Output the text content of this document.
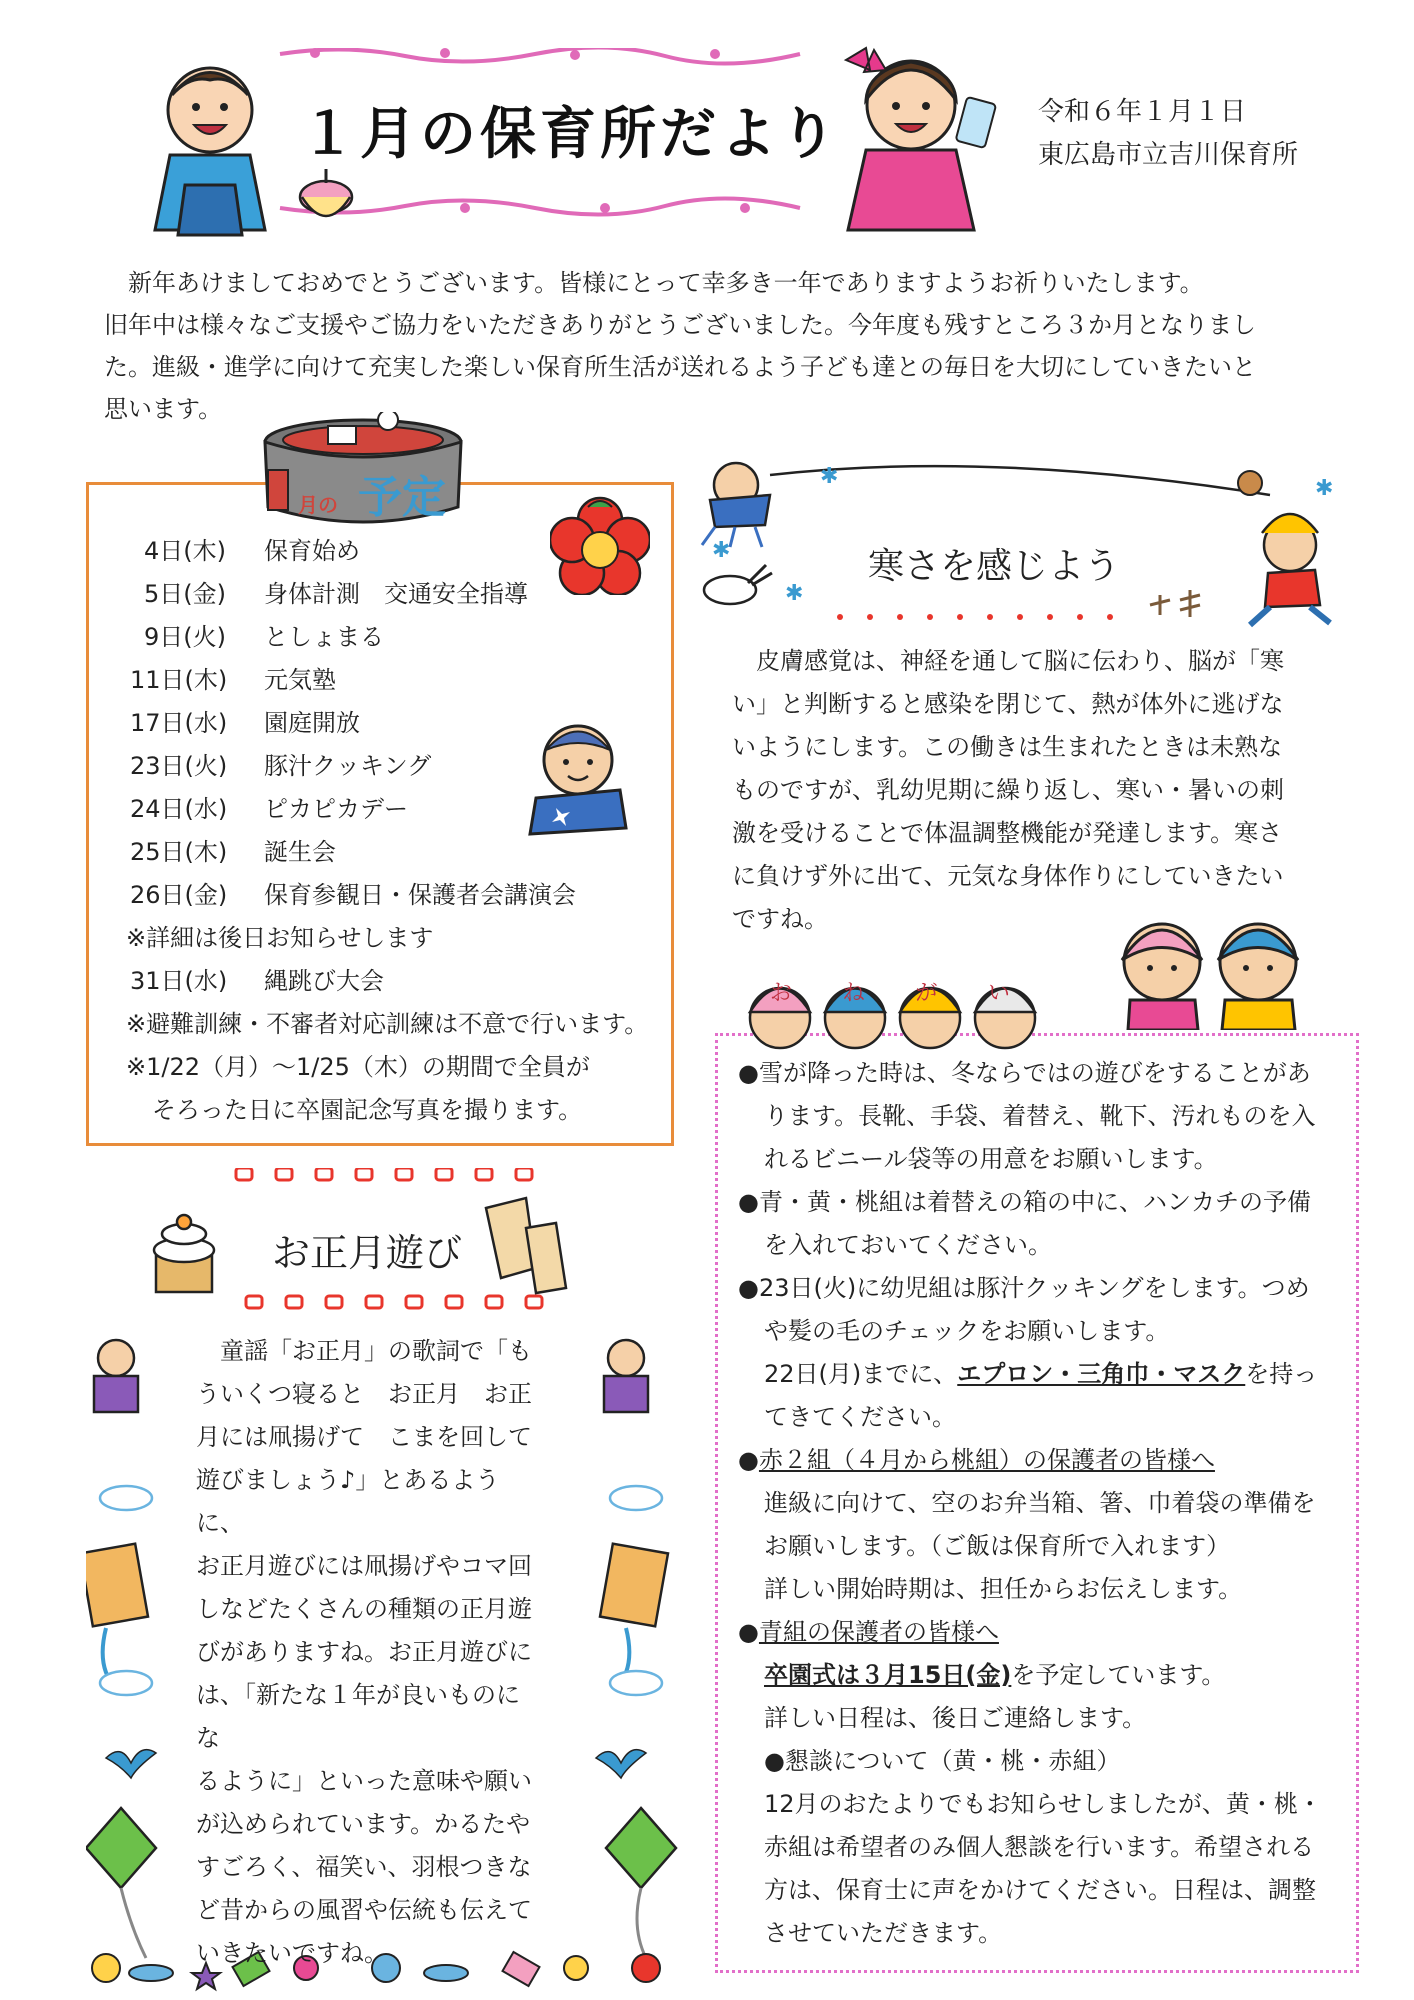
１月の保育所だより	令和６年１月１日
東広島市立吉川保育所

新年あけましておめでとうございます。皆様にとって幸多き一年でありますようお祈りいたします。

旧年中は様々なご支援やご協力をいただきありがとうございました。今年度も残すところ３か月となりまし

た。進級・進学に向けて充実した楽しい保育所生活が送れるよう子ども達との毎日を大切にしていきたいと

思います。

月の 予定
4日(木)	保育始め
5日(金)	身体計測　交通安全指導
9日(火)	としょまる
11日(木)	元気塾
17日(水)	園庭開放
23日(火)	豚汁クッキング
24日(水)	ピカピカデー
25日(木)	誕生会
26日(金)	保育参観日・保護者会講演会
※詳細は後日お知らせします
31日(水)	縄跳び大会
※避難訓練・不審者対応訓練は不意で行います。
※1/22（月）～1/25（木）の期間で全員が
そろった日に卒園記念写真を撮ります。
✱
✱
✱
✱
寒さを感じよう

皮膚感覚は、神経を通して脳に伝わり、脳が「寒

い」と判断すると感染を閉じて、熱が体外に逃げな

いようにします。この働きは生まれたときは未熟な

ものですが、乳幼児期に繰り返し、寒い・暑いの刺

激を受けることで体温調整機能が発達します。寒さ

に負けず外に出て、元気な身体作りにしていきたい

ですね。

お ね が い
●雪が降った時は、冬ならではの遊びをすることがあ
ります。長靴、手袋、着替え、靴下、汚れものを入
れるビニール袋等の用意をお願いします。
●青・黄・桃組は着替えの箱の中に、ハンカチの予備
を入れておいてください。
●23日(火)に幼児組は豚汁クッキングをします。つめ
や髪の毛のチェックをお願いします。
22日(月)までに、エプロン・三角巾・マスクを持っ
てきてください。
●赤２組（４月から桃組）の保護者の皆様へ
進級に向けて、空のお弁当箱、箸、巾着袋の準備を
お願いします。（ご飯は保育所で入れます）
詳しい開始時期は、担任からお伝えします。
●青組の保護者の皆様へ
卒園式は３月15日(金)を予定しています。
詳しい日程は、後日ご連絡します。
●懇談について（黄・桃・赤組）
12月のおたよりでもお知らせしましたが、黄・桃・
赤組は希望者のみ個人懇談を行います。希望される
方は、保育士に声をかけてください。日程は、調整
させていただきます。
お正月遊び

　童謡「お正月」の歌詞で「も

ういくつ寝ると　お正月　お正

月には凧揚げて　こまを回して

遊びましょう♪」とあるように、

お正月遊びには凧揚げやコマ回

しなどたくさんの種類の正月遊

びがありますね。お正月遊びに

は、「新たな１年が良いものにな

るように」といった意味や願い

が込められています。かるたや

すごろく、福笑い、羽根つきな

ど昔からの風習や伝統も伝えて

いきたいですね。
